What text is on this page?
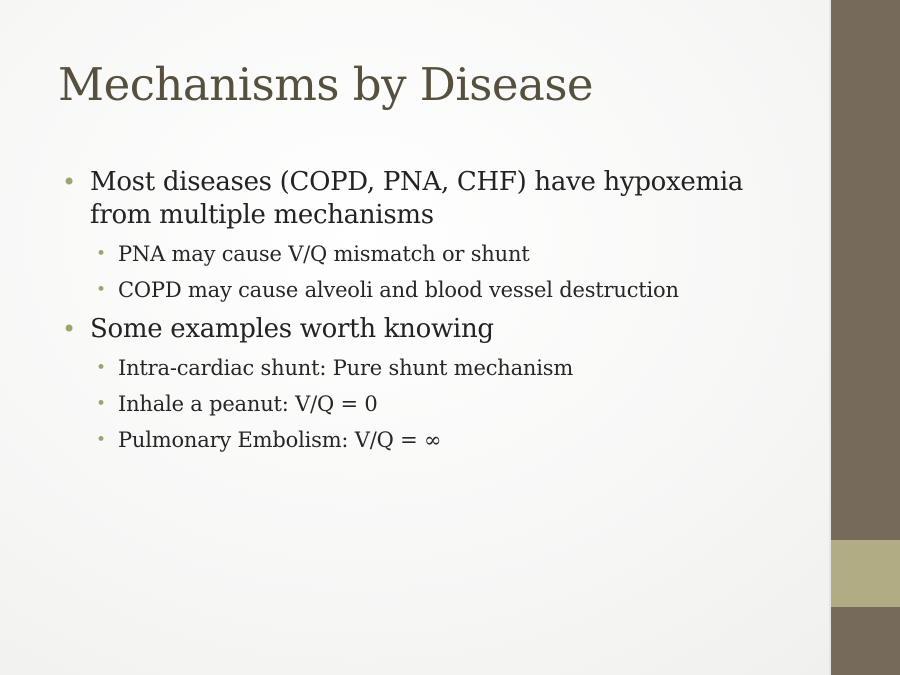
Mechanisms by Disease
• Most diseases (COPD, PNA, CHF) have hypoxemia from multiple mechanisms
• PNA may cause V/Q mismatch or shunt
• COPD may cause alveoli and blood vessel destruction
• Some examples worth knowing
• Intra-cardiac shunt: Pure shunt mechanism
• Inhale a peanut: V/Q = 0
• Pulmonary Embolism: V/Q = ∞
